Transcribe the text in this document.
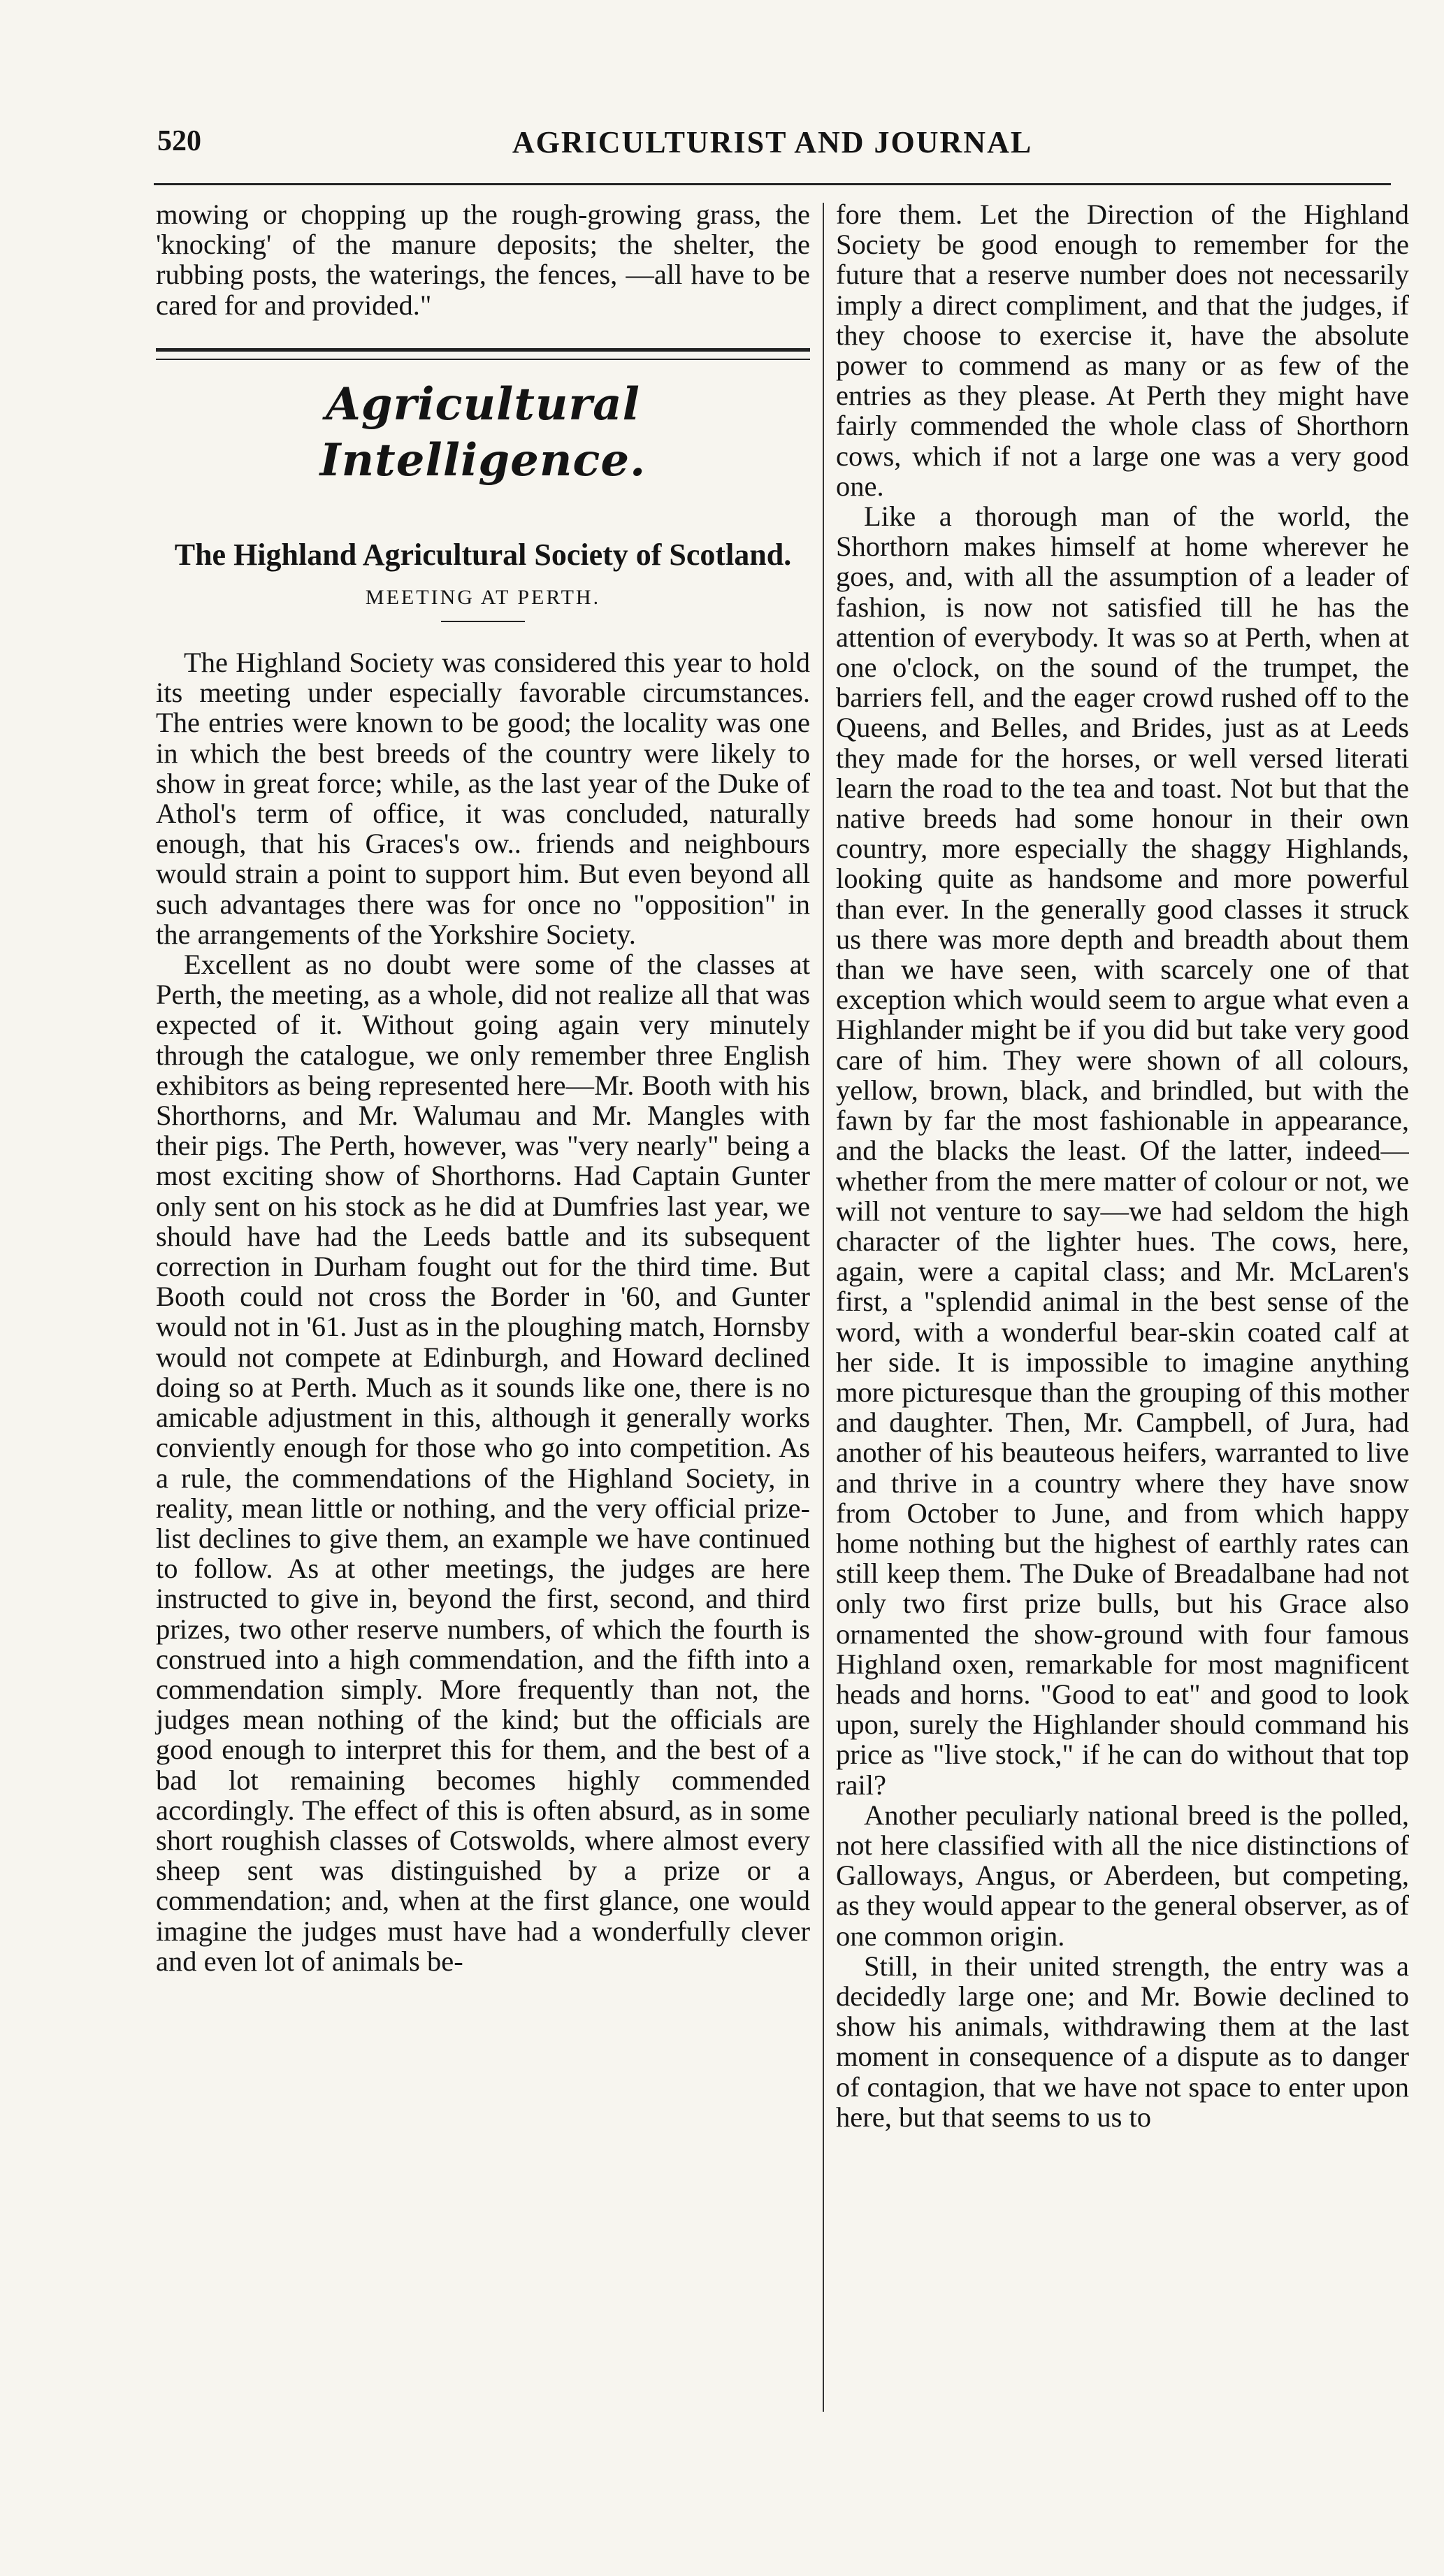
520	AGRICULTURIST AND JOURNAL

mowing or chopping up the rough-growing grass, the 'knocking' of the manure deposits; the shelter, the rubbing posts, the waterings, the fences, —all have to be cared for and provided."

Agricultural Intelligence.
The Highland Agricultural Society of Scotland.
MEETING AT PERTH.

The Highland Society was considered this year to hold its meeting under especially favorable circumstances. The entries were known to be good; the locality was one in which the best breeds of the country were likely to show in great force; while, as the last year of the Duke of Athol's term of office, it was concluded, naturally enough, that his Graces's ow.. friends and neighbours would strain a point to support him. But even beyond all such advantages there was for once no "opposition" in the arrangements of the Yorkshire Society.

Excellent as no doubt were some of the classes at Perth, the meeting, as a whole, did not realize all that was expected of it. Without going again very minutely through the catalogue, we only remember three English exhibitors as being represented here—Mr. Booth with his Shorthorns, and Mr. Walumau and Mr. Mangles with their pigs. The Perth, however, was "very nearly" being a most exciting show of Shorthorns. Had Captain Gunter only sent on his stock as he did at Dumfries last year, we should have had the Leeds battle and its subsequent correction in Durham fought out for the third time. But Booth could not cross the Border in '60, and Gunter would not in '61. Just as in the ploughing match, Hornsby would not compete at Edinburgh, and Howard declined doing so at Perth. Much as it sounds like one, there is no amicable adjustment in this, although it generally works conviently enough for those who go into competition. As a rule, the commendations of the Highland Society, in reality, mean little or nothing, and the very official prize-list declines to give them, an example we have continued to follow. As at other meetings, the judges are here instructed to give in, beyond the first, second, and third prizes, two other reserve numbers, of which the fourth is construed into a high commendation, and the fifth into a commendation simply. More frequently than not, the judges mean nothing of the kind; but the officials are good enough to interpret this for them, and the best of a bad lot remaining becomes highly commended accordingly. The effect of this is often absurd, as in some short roughish classes of Cotswolds, where almost every sheep sent was distinguished by a prize or a commendation; and, when at the first glance, one would imagine the judges must have had a wonderfully clever and even lot of animals be-

fore them. Let the Direction of the Highland Society be good enough to remember for the future that a reserve number does not necessarily imply a direct compliment, and that the judges, if they choose to exercise it, have the absolute power to commend as many or as few of the entries as they please. At Perth they might have fairly commended the whole class of Shorthorn cows, which if not a large one was a very good one.

Like a thorough man of the world, the Shorthorn makes himself at home wherever he goes, and, with all the assumption of a leader of fashion, is now not satisfied till he has the attention of everybody. It was so at Perth, when at one o'clock, on the sound of the trumpet, the barriers fell, and the eager crowd rushed off to the Queens, and Belles, and Brides, just as at Leeds they made for the horses, or well versed literati learn the road to the tea and toast. Not but that the native breeds had some honour in their own country, more especially the shaggy Highlands, looking quite as handsome and more powerful than ever. In the generally good classes it struck us there was more depth and breadth about them than we have seen, with scarcely one of that exception which would seem to argue what even a Highlander might be if you did but take very good care of him. They were shown of all colours, yellow, brown, black, and brindled, but with the fawn by far the most fashionable in appearance, and the blacks the least. Of the latter, indeed—whether from the mere matter of colour or not, we will not venture to say—we had seldom the high character of the lighter hues. The cows, here, again, were a capital class; and Mr. McLaren's first, a "splendid animal in the best sense of the word, with a wonderful bear-skin coated calf at her side. It is impossible to imagine anything more picturesque than the grouping of this mother and daughter. Then, Mr. Campbell, of Jura, had another of his beauteous heifers, warranted to live and thrive in a country where they have snow from October to June, and from which happy home nothing but the highest of earthly rates can still keep them. The Duke of Breadalbane had not only two first prize bulls, but his Grace also ornamented the show-ground with four famous Highland oxen, remarkable for most magnificent heads and horns. "Good to eat" and good to look upon, surely the Highlander should command his price as "live stock," if he can do without that top rail?

Another peculiarly national breed is the polled, not here classified with all the nice distinctions of Galloways, Angus, or Aberdeen, but competing, as they would appear to the general observer, as of one common origin.

Still, in their united strength, the entry was a decidedly large one; and Mr. Bowie declined to show his animals, withdrawing them at the last moment in consequence of a dispute as to danger of contagion, that we have not space to enter upon here, but that seems to us to
